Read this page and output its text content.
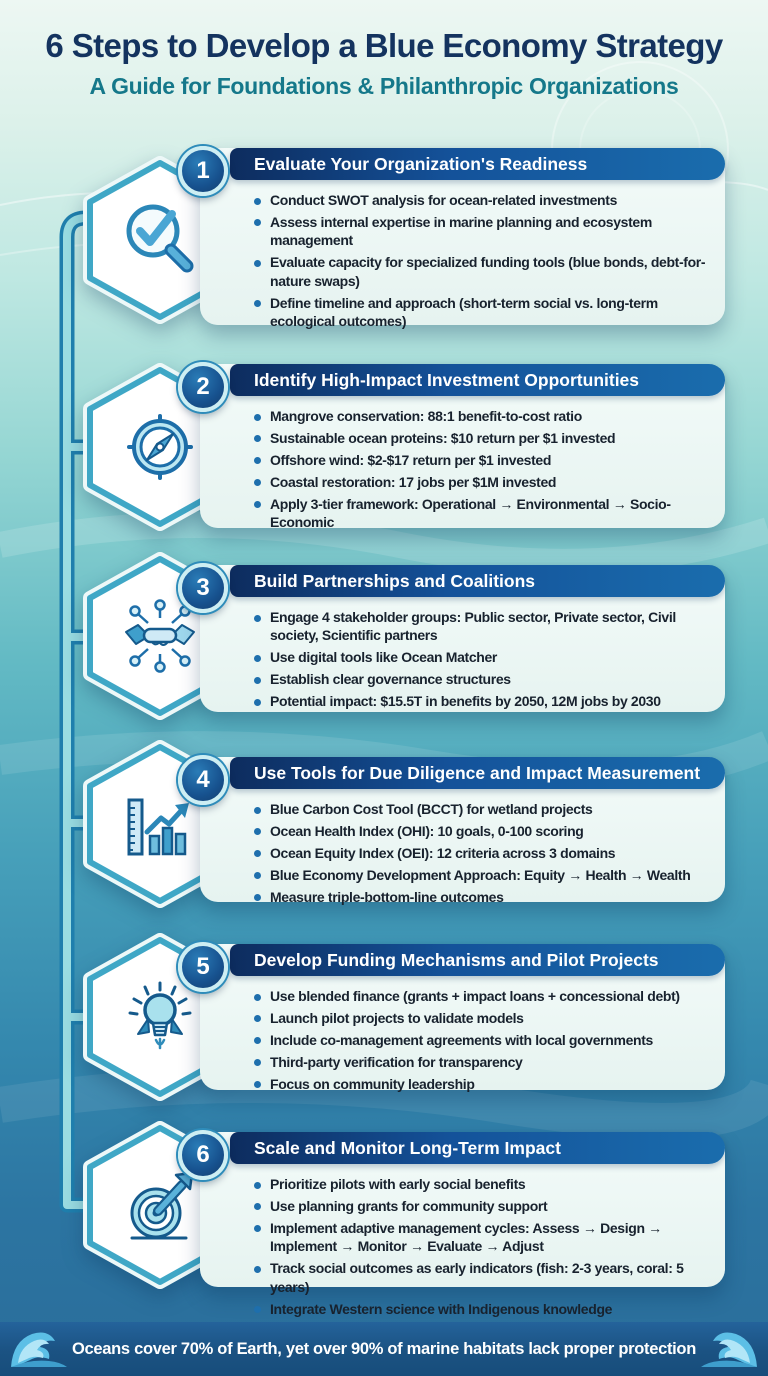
6 Steps to Develop a Blue Economy Strategy
A Guide for Foundations & Philanthropic Organizations
Evaluate Your Organization's Readiness
1
Conduct SWOT analysis for ocean-related investments
Assess internal expertise in marine planning and ecosystem management
Evaluate capacity for specialized funding tools (blue bonds, debt-for-nature swaps)
Define timeline and approach (short-term social vs. long-term ecological outcomes)
Identify High-Impact Investment Opportunities
2
Mangrove conservation: 88:1 benefit-to-cost ratio
Sustainable ocean proteins: $10 return per $1 invested
Offshore wind: $2-$17 return per $1 invested
Coastal restoration: 17 jobs per $1M invested
Apply 3-tier framework: Operational → Environmental → Socio-Economic
Build Partnerships and Coalitions
3
Engage 4 stakeholder groups: Public sector, Private sector, Civil society, Scientific partners
Use digital tools like Ocean Matcher
Establish clear governance structures
Potential impact: $15.5T in benefits by 2050, 12M jobs by 2030
Use Tools for Due Diligence and Impact Measurement
4
Blue Carbon Cost Tool (BCCT) for wetland projects
Ocean Health Index (OHI): 10 goals, 0-100 scoring
Ocean Equity Index (OEI): 12 criteria across 3 domains
Blue Economy Development Approach: Equity → Health → Wealth
Measure triple-bottom-line outcomes
Develop Funding Mechanisms and Pilot Projects
5
Use blended finance (grants + impact loans + concessional debt)
Launch pilot projects to validate models
Include co-management agreements with local governments
Third-party verification for transparency
Focus on community leadership
Scale and Monitor Long-Term Impact
6
Prioritize pilots with early social benefits
Use planning grants for community support
Implement adaptive management cycles: Assess → Design → Implement → Monitor → Evaluate → Adjust
Track social outcomes as early indicators (fish: 2-3 years, coral: 5 years)
Integrate Western science with Indigenous knowledge
Oceans cover 70% of Earth, yet over 90% of marine habitats lack proper protection
